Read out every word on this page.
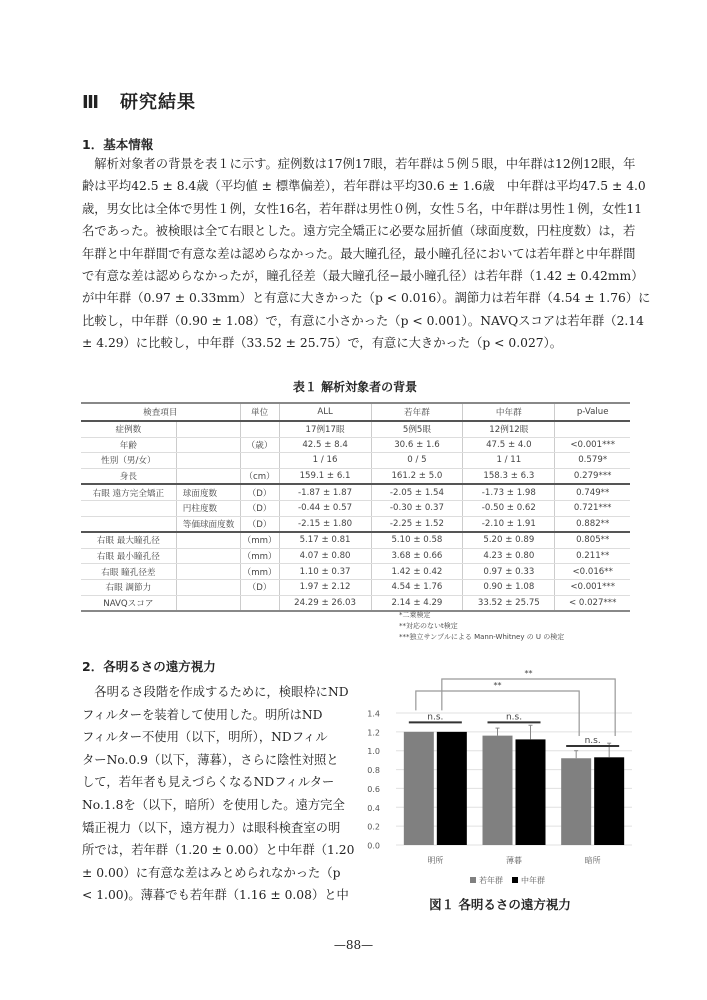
Ⅲ 研究結果
1．基本情報
　解析対象者の背景を表１に示す。症例数は17例17眼，若年群は５例５眼，中年群は12例12眼，年
齢は平均42.5 ± 8.4歳（平均値 ± 標準偏差），若年群は平均30.6 ± 1.6歳　中年群は平均47.5 ± 4.0
歳，男女比は全体で男性１例，女性16名，若年群は男性０例，女性５名，中年群は男性１例，女性11
名であった。被検眼は全て右眼とした。遠方完全矯正に必要な屈折値（球面度数，円柱度数）は，若
年群と中年群間で有意な差は認めらなかった。最大瞳孔径，最小瞳孔径においては若年群と中年群間
で有意な差は認めらなかったが，瞳孔径差（最大瞳孔径−最小瞳孔径）は若年群（1.42 ± 0.42mm）
が中年群（0.97 ± 0.33mm）と有意に大きかった（p < 0.016）。調節力は若年群（4.54 ± 1.76）に
比較し，中年群（0.90 ± 1.08）で，有意に小さかった（p < 0.001）。NAVQスコアは若年群（2.14
± 4.29）に比較し，中年群（33.52 ± 25.75）で，有意に大きかった（p < 0.027）。
表１ 解析対象者の背景
検査項目		単位	ALL	若年群	中年群	p-Value
症例数			17例17眼	5例5眼	12例12眼	
年齢		（歳）	42.5 ± 8.4	30.6 ± 1.6	47.5 ± 4.0	<0.001***
性別（男/女）			1 / 16	0 / 5	1 / 11	0.579*
身長		（cm）	159.1 ± 6.1	161.2 ± 5.0	158.3 ± 6.3	0.279***
右眼 遠方完全矯正	球面度数	（D）	-1.87 ± 1.87	-2.05 ± 1.54	-1.73 ± 1.98	0.749**
	円柱度数	（D）	-0.44 ± 0.57	-0.30 ± 0.37	-0.50 ± 0.62	0.721***
	等価球面度数	（D）	-2.15 ± 1.80	-2.25 ± 1.52	-2.10 ± 1.91	0.882**
右眼 最大瞳孔径		（mm）	5.17 ± 0.81	5.10 ± 0.58	5.20 ± 0.89	0.805**
右眼 最小瞳孔径		（mm）	4.07 ± 0.80	3.68 ± 0.66	4.23 ± 0.80	0.211**
右眼 瞳孔径差		（mm）	1.10 ± 0.37	1.42 ± 0.42	0.97 ± 0.33	<0.016**
右眼 調節力		（D）	1.97 ± 2.12	4.54 ± 1.76	0.90 ± 1.08	<0.001***
NAVQスコア			24.29 ± 26.03	2.14 ± 4.29	33.52 ± 25.75	< 0.027***
*二乗検定
**対応のないt検定
***独立サンプルによる Mann-Whitney の U の検定
2．各明るさの遠方視力
　各明るさ段階を作成するために，検眼枠にND
フィルターを装着して使用した。明所はND
フィルター不使用（以下，明所），NDフィル
ターNo.0.9（以下，薄暮），さらに陰性対照と
して，若年者も見えづらくなるNDフィルター
No.1.8を（以下，暗所）を使用した。遠方完全
矯正視力（以下，遠方視力）は眼科検査室の明
所では，若年群（1.20 ± 0.00）と中年群（1.20
± 0.00）に有意な差はみとめられなかった（p
< 1.00)。薄暮でも若年群（1.16 ± 0.08）と中
0.0
0.2
0.4
0.6
0.8
1.0
1.2
1.4	n.s.	n.s.
n.s.
**
**
明所	薄暮	暗所
若年群 中年群
図１ 各明るさの遠方視力
—88—
